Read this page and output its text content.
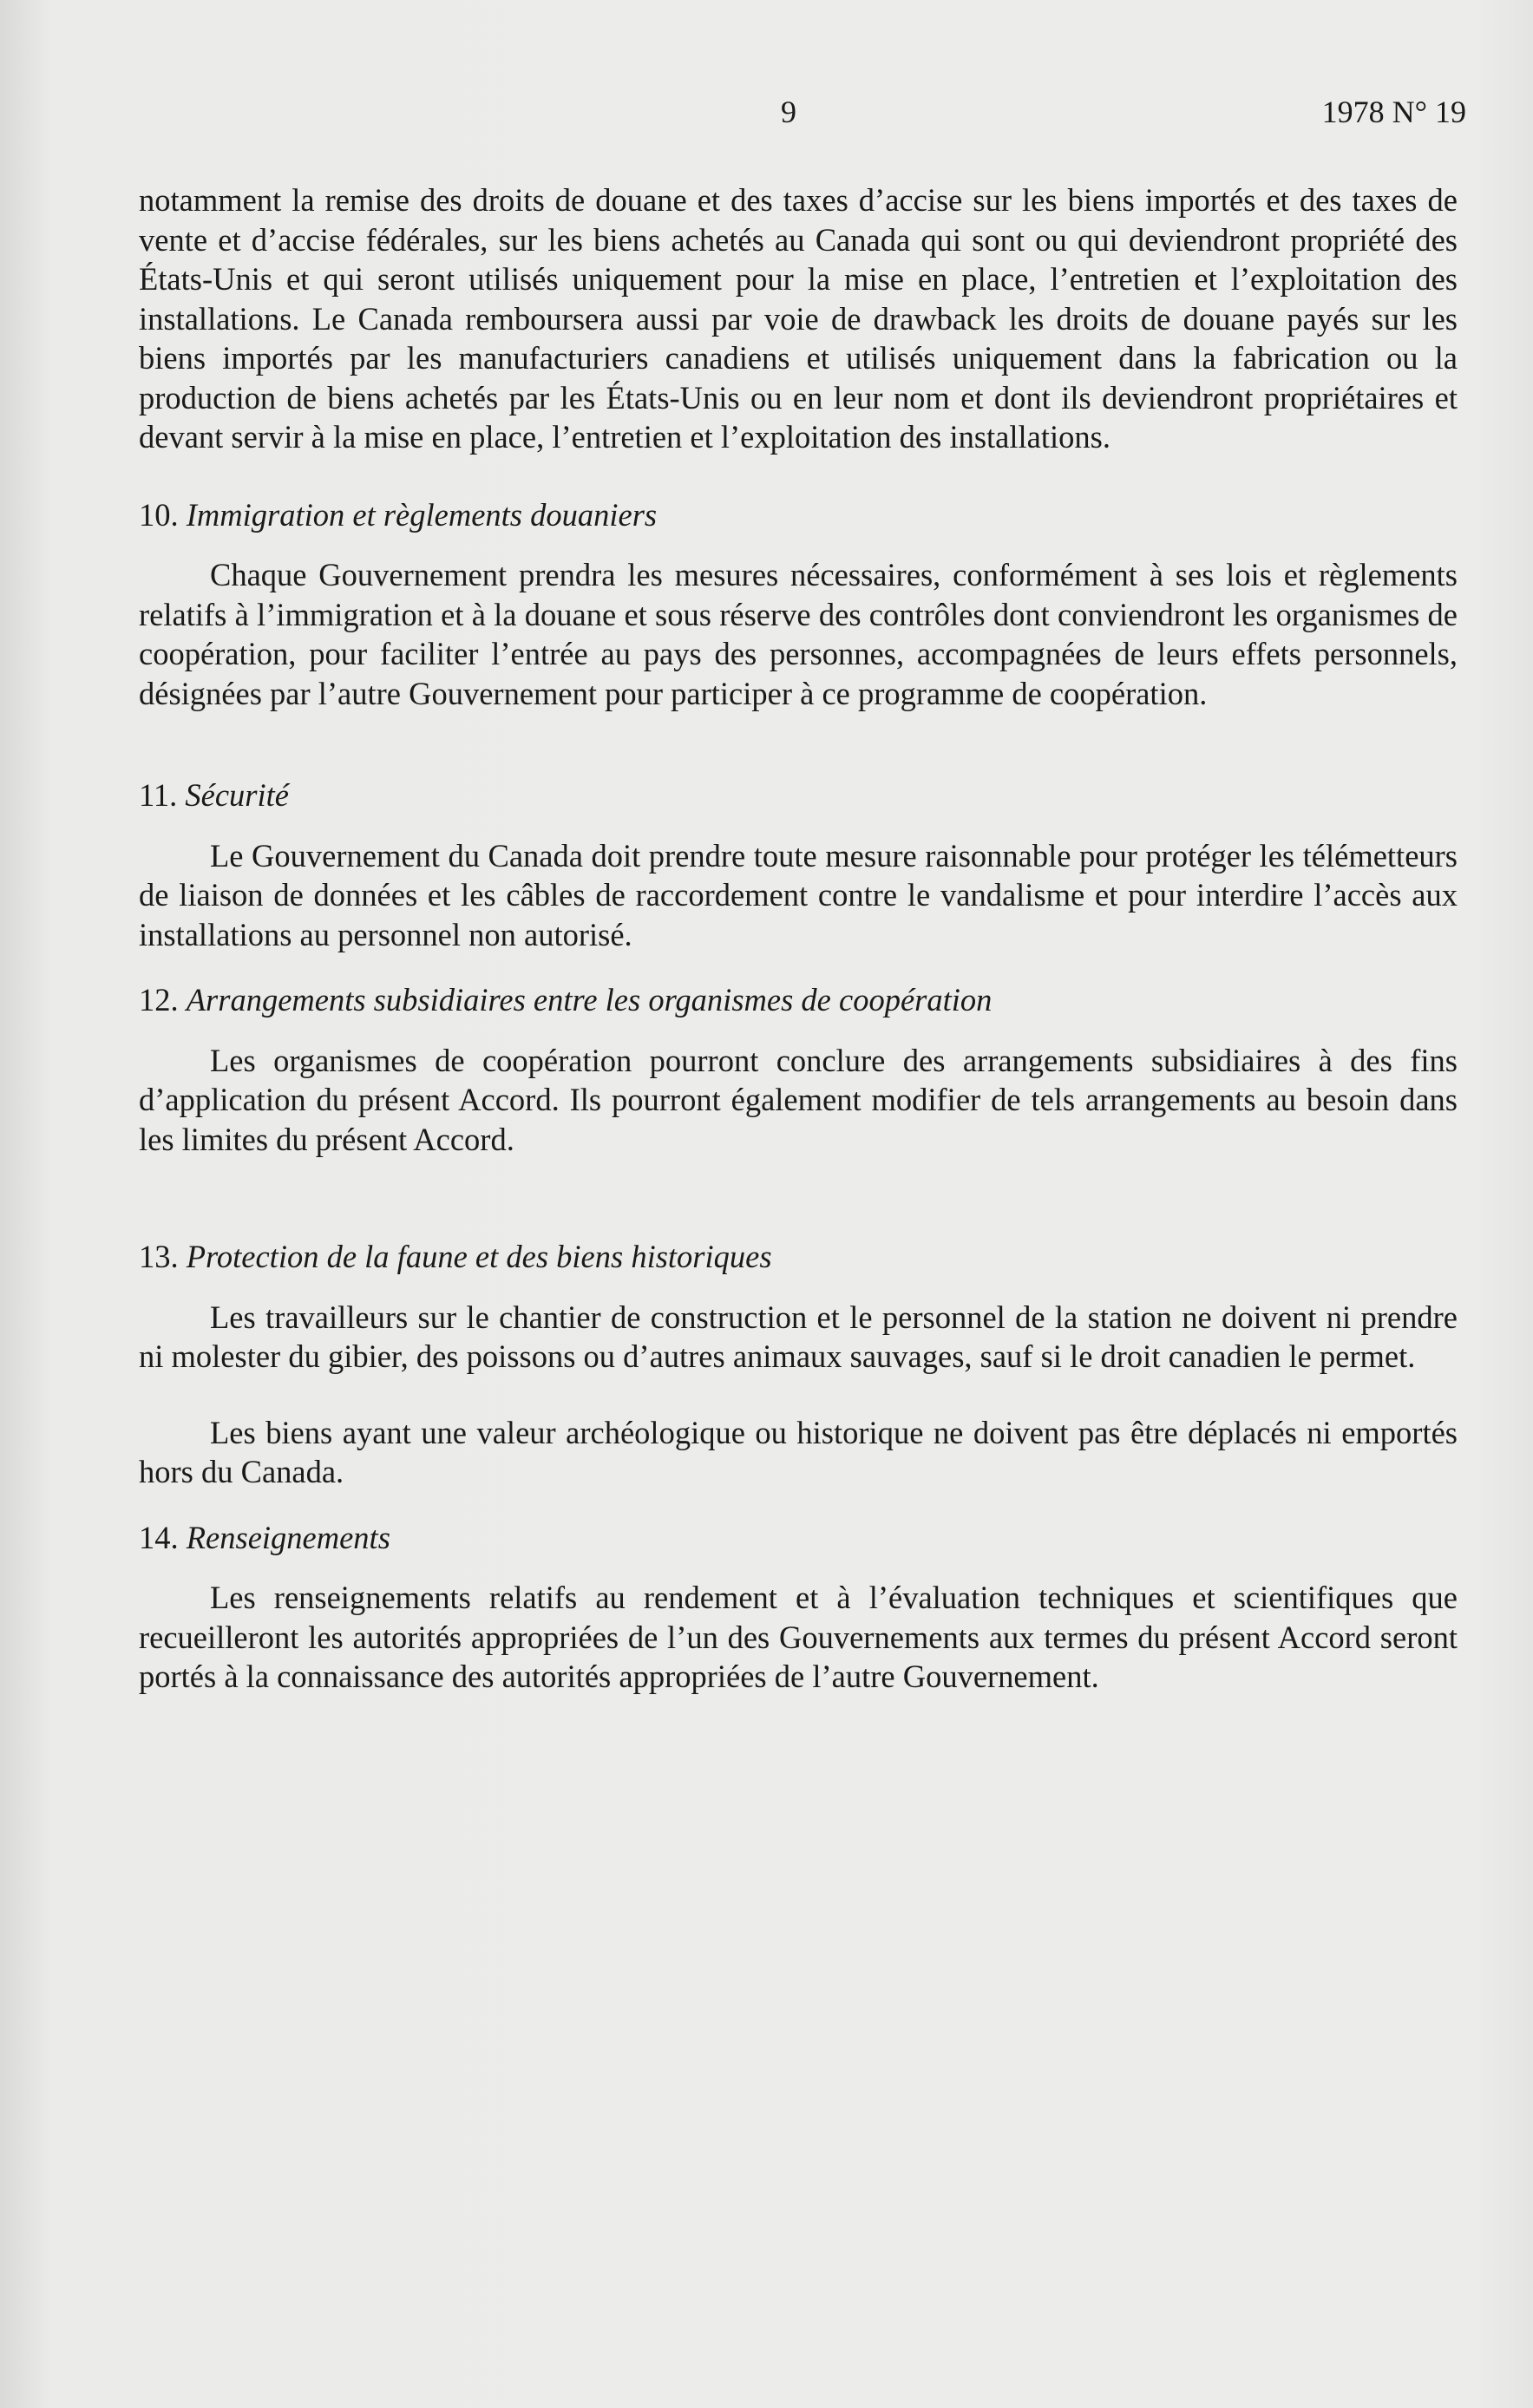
9	1978 N° 19

notamment la remise des droits de douane et des taxes d’accise sur les biens importés et des taxes de vente et d’accise fédérales, sur les biens achetés au Canada qui sont ou qui deviendront propriété des États-Unis et qui seront utilisés uniquement pour la mise en place, l’entretien et l’exploitation des installations. Le Canada remboursera aussi par voie de drawback les droits de douane payés sur les biens importés par les manufacturiers canadiens et utilisés uniquement dans la fabrication ou la production de biens achetés par les États-Unis ou en leur nom et dont ils deviendront propriétaires et devant servir à la mise en place, l’entretien et l’exploitation des installations.

10. Immigration et règlements douaniers

Chaque Gouvernement prendra les mesures nécessaires, conformément à ses lois et règlements relatifs à l’immigration et à la douane et sous réserve des contrôles dont conviendront les organismes de coopération, pour faciliter l’entrée au pays des personnes, accompagnées de leurs effets personnels, désignées par l’autre Gouvernement pour participer à ce programme de coopération.

11. Sécurité

Le Gouvernement du Canada doit prendre toute mesure raisonnable pour protéger les télémetteurs de liaison de données et les câbles de raccordement contre le vandalisme et pour interdire l’accès aux installations au personnel non autorisé.

12. Arrangements subsidiaires entre les organismes de coopération

Les organismes de coopération pourront conclure des arrangements subsidiaires à des fins d’application du présent Accord. Ils pourront également modifier de tels arrangements au besoin dans les limites du présent Accord.

13. Protection de la faune et des biens historiques

Les travailleurs sur le chantier de construction et le personnel de la station ne doivent ni prendre ni molester du gibier, des poissons ou d’autres animaux sauvages, sauf si le droit canadien le permet.

Les biens ayant une valeur archéologique ou historique ne doivent pas être déplacés ni emportés hors du Canada.

14. Renseignements

Les renseignements relatifs au rendement et à l’évaluation techniques et scientifiques que recueilleront les autorités appropriées de l’un des Gouvernements aux termes du présent Accord seront portés à la connaissance des autorités appropriées de l’autre Gouvernement.
